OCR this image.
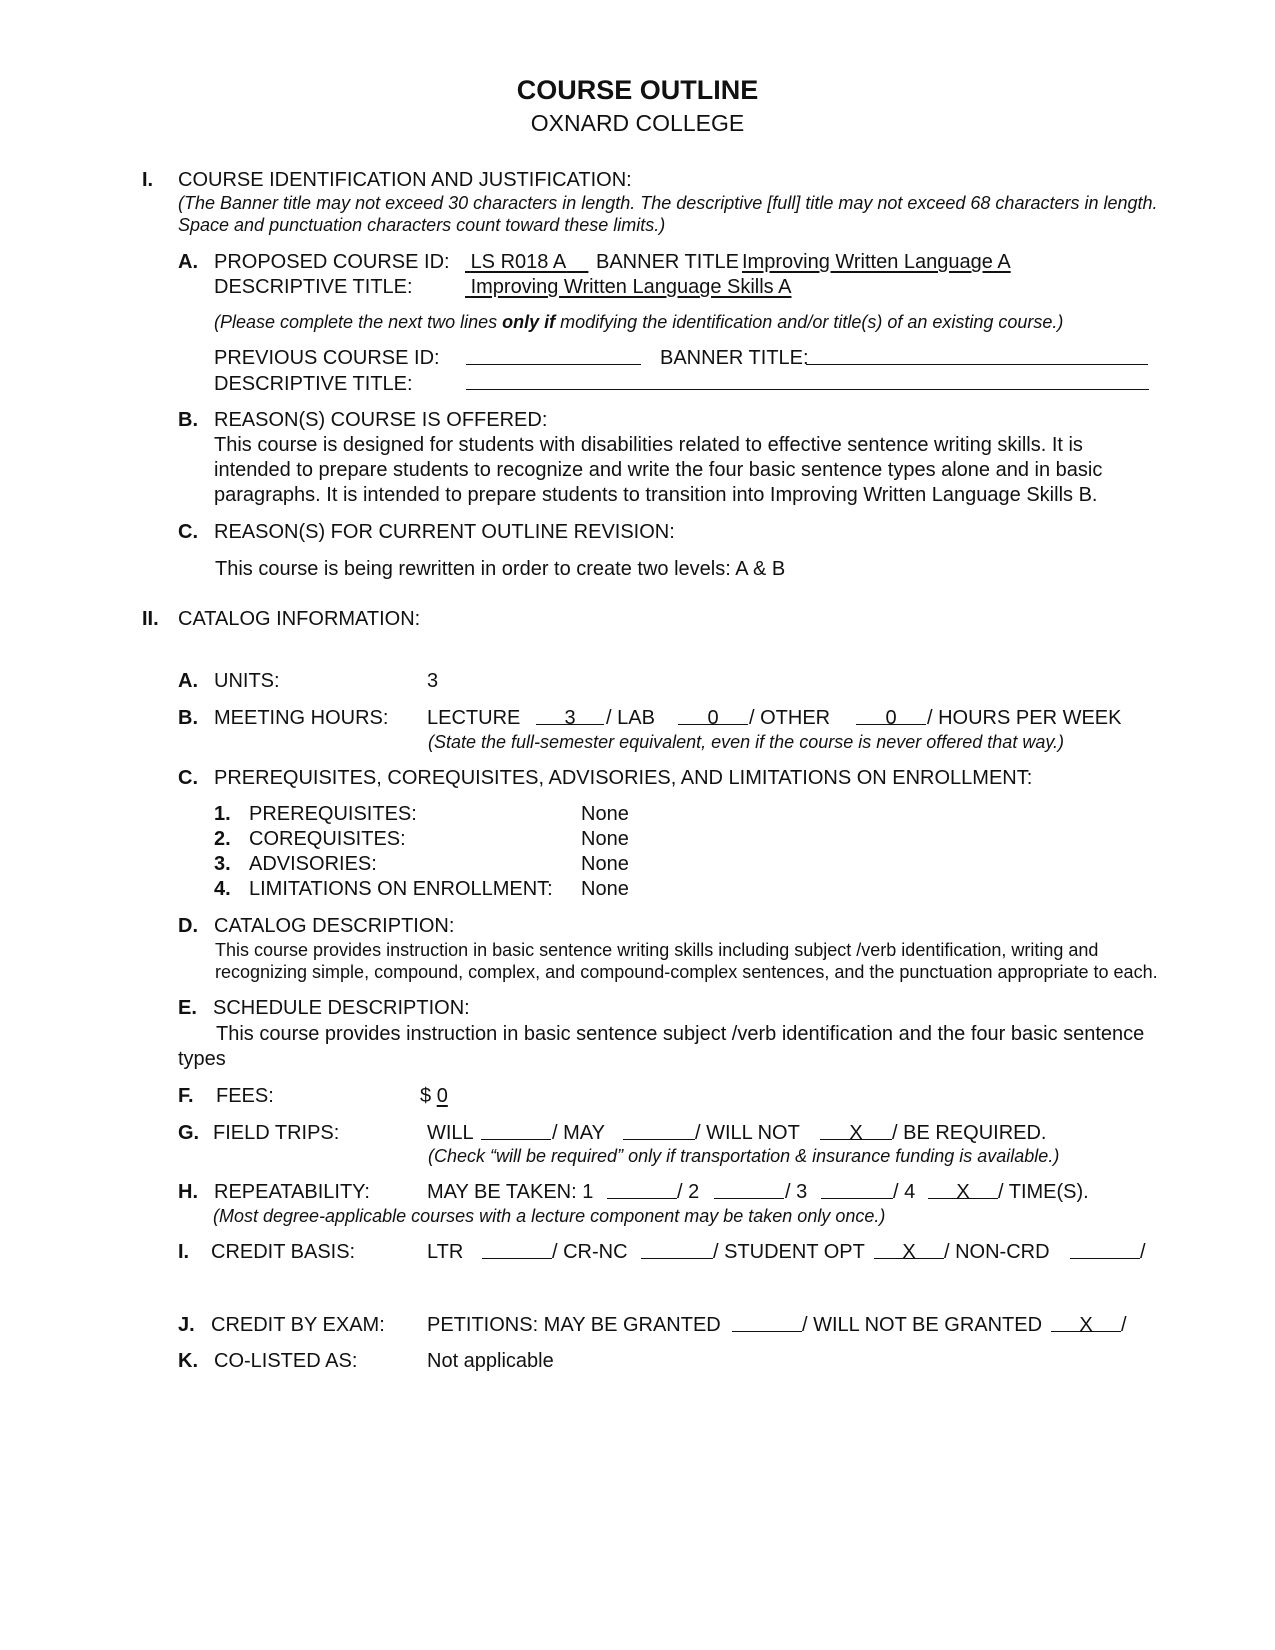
COURSE OUTLINE
OXNARD COLLEGE
I. COURSE IDENTIFICATION AND JUSTIFICATION:
(The Banner title may not exceed 30 characters in length. The descriptive [full] title may not exceed 68 characters in length.
Space and punctuation characters count toward these limits.)
A. PROPOSED COURSE ID: LS R018 A	BANNER TITLE Improving Written Language A
DESCRIPTIVE TITLE:	Improving Written Language Skills A
(Please complete the next two lines only if modifying the identification and/or title(s) of an existing course.)
PREVIOUS COURSE ID:	BANNER TITLE:
DESCRIPTIVE TITLE:
B. REASON(S) COURSE IS OFFERED:
This course is designed for students with disabilities related to effective sentence writing skills. It is
intended to prepare students to recognize and write the four basic sentence types alone and in basic
paragraphs. It is intended to prepare students to transition into Improving Written Language Skills B.
C. REASON(S) FOR CURRENT OUTLINE REVISION:
This course is being rewritten in order to create two levels: A & B
II. CATALOG INFORMATION:
A. UNITS:	3
B. MEETING HOURS: LECTURE	3	/ LAB	0	/ OTHER	0	/ HOURS PER WEEK
(State the full-semester equivalent, even if the course is never offered that way.)
C. PREREQUISITES, COREQUISITES, ADVISORIES, AND LIMITATIONS ON ENROLLMENT:
1. PREREQUISITES:	None
2. COREQUISITES:	None
3. ADVISORIES:	None
4. LIMITATIONS ON ENROLLMENT: None
D. CATALOG DESCRIPTION:
This course provides instruction in basic sentence writing skills including subject /verb identification, writing and
recognizing simple, compound, complex, and compound-complex sentences, and the punctuation appropriate to each.
E. SCHEDULE DESCRIPTION:
This course provides instruction in basic sentence subject /verb identification and the four basic sentence
types
F. FEES:	$ 0
G. FIELD TRIPS:	WILL	/ MAY	/ WILL NOT	X	/ BE REQUIRED.
(Check “will be required” only if transportation & insurance funding is available.)
H. REPEATABILITY:	MAY BE TAKEN: 1	/ 2	/ 3	/ 4	X	/ TIME(S).
(Most degree-applicable courses with a lecture component may be taken only once.)
I. CREDIT BASIS:	LTR	/ CR-NC	/ STUDENT OPT	X	/ NON-CRD	/
J. CREDIT BY EXAM: PETITIONS: MAY BE GRANTED	/ WILL NOT BE GRANTED	X	/
K. CO-LISTED AS:	Not applicable
